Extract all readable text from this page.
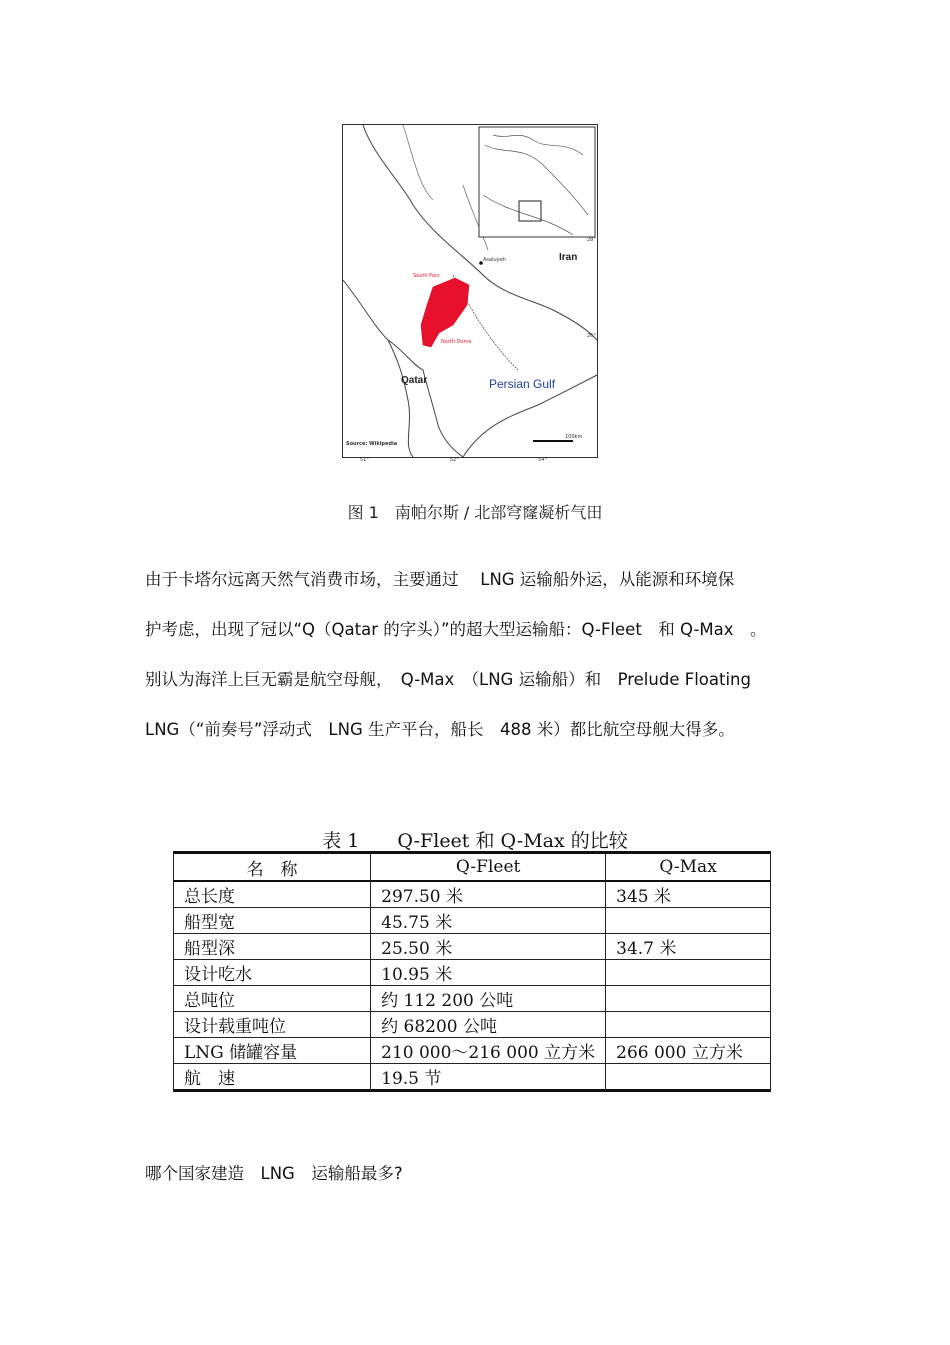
Iran
Asaluyeh
South Pars
North Dome
Qatar	Persian Gulf
Source: Wikipedia
28°
26°
100km
51°	52°	54°
图 1　南帕尔斯 / 北部穹窿凝析气田

由于卡塔尔远离天然气消费市场，主要通过　 LNG 运输船外运，从能源和环境保

护考虑，出现了冠以“Q（Qatar 的字头）”的超大型运输船：Q-Fleet　和 Q-Max　。

别认为海洋上巨无霸是航空母舰，　Q-Max　（LNG 运输船）和　Prelude Floating

LNG（“前奏号”浮动式　LNG 生产平台，船长　488 米）都比航空母舰大得多。

表 1　　Q-Fleet 和 Q-Max 的比较
名　称	Q-Fleet	Q-Max
总长度	297.50 米	345 米
船型宽	45.75 米	
船型深	25.50 米	34.7 米
设计吃水	10.95 米	
总吨位	约 112 200 公吨	
设计载重吨位	约 68200 公吨	
LNG 储罐容量	210 000～216 000 立方米	266 000 立方米
航　速	19.5 节	
哪个国家建造　LNG　运输船最多?
